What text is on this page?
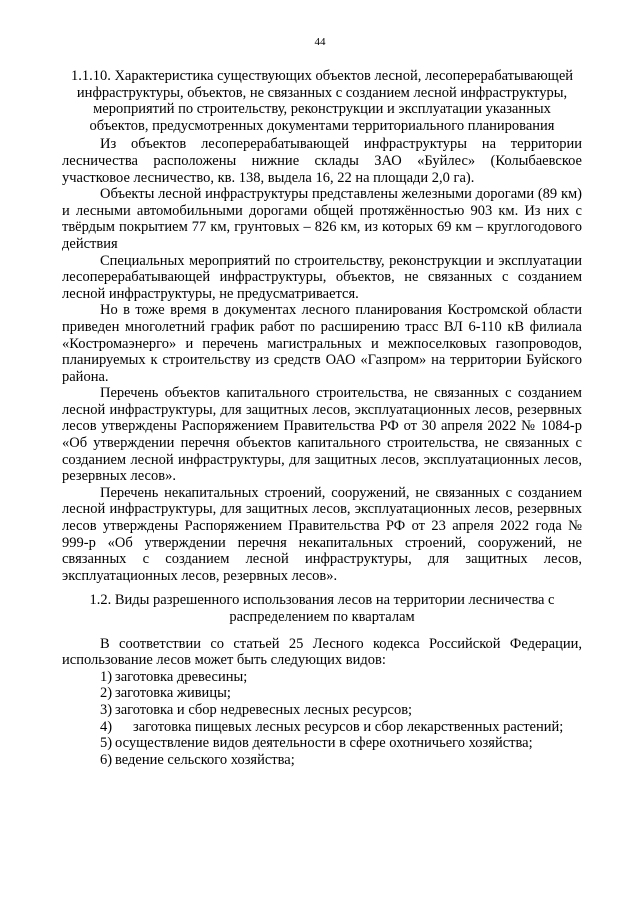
44

1.1.10. Характеристика существующих объектов лесной, лесоперерабатывающей инфраструктуры, объектов, не связанных с созданием лесной инфраструктуры, мероприятий по строительству, реконструкции и эксплуатации указанных объектов, предусмотренных документами территориального планирования

Из объектов лесоперерабатывающей инфраструктуры на территории лесничества расположены нижние склады ЗАО «Буйлес» (Колыбаевское участковое лесничество, кв. 138, выдела 16, 22 на площади 2,0 га).

Объекты лесной инфраструктуры представлены железными дорогами (89 км) и лесными автомобильными дорогами общей протяжённостью 903 км. Из них с твёрдым покрытием 77 км, грунтовых – 826 км, из которых 69 км – круглогодового действия

Специальных мероприятий по строительству, реконструкции и эксплуатации лесоперерабатывающей инфраструктуры, объектов, не связанных с созданием лесной инфраструктуры, не предусматривается.

Но в тоже время в документах лесного планирования Костромской области приведен многолетний график работ по расширению трасс ВЛ 6-110 кВ филиала «Костромаэнерго» и перечень магистральных и межпоселковых газопроводов, планируемых к строительству из средств ОАО «Газпром» на территории Буйского района.

Перечень объектов капитального строительства, не связанных с созданием лесной инфраструктуры, для защитных лесов, эксплуатационных лесов, резервных лесов утверждены Распоряжением Правительства РФ от 30 апреля 2022 № 1084-р «Об утверждении перечня объектов капитального строительства, не связанных с созданием лесной инфраструктуры, для защитных лесов, эксплуатационных лесов, резервных лесов».

Перечень некапитальных строений, сооружений, не связанных с созданием лесной инфраструктуры, для защитных лесов, эксплуатационных лесов, резервных лесов утверждены Распоряжением Правительства РФ от 23 апреля 2022 года № 999-р «Об утверждении перечня некапитальных строений, сооружений, не связанных с созданием лесной инфраструктуры, для защитных лесов, эксплуатационных лесов, резервных лесов».

1.2. Виды разрешенного использования лесов на территории лесничества с распределением по кварталам

В соответствии со статьей 25 Лесного кодекса Российской Федерации, использование лесов может быть следующих видов:

1) заготовка древесины;
2) заготовка живицы;
3) заготовка и сбор недревесных лесных ресурсов;
4) заготовка пищевых лесных ресурсов и сбор лекарственных растений;
5) осуществление видов деятельности в сфере охотничьего хозяйства;
6) ведение сельского хозяйства;
